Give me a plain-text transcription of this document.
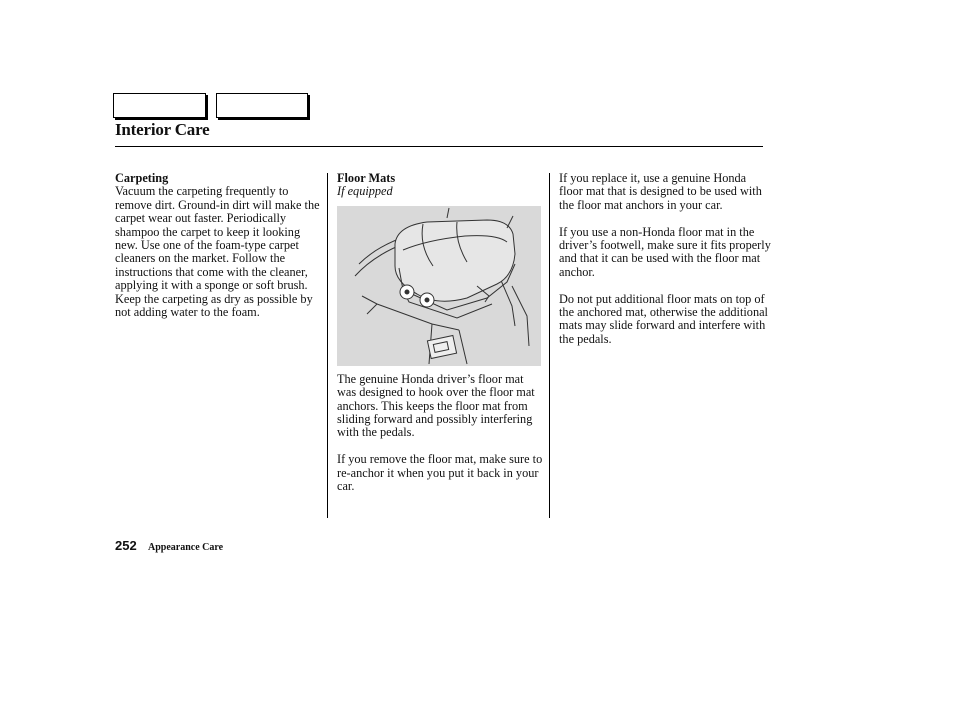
Interior Care
Carpeting

Vacuum the carpeting frequently to remove dirt. Ground-in dirt will make the carpet wear out faster. Periodically shampoo the carpet to keep it looking new. Use one of the foam-type carpet cleaners on the market. Follow the instructions that come with the cleaner, applying it with a sponge or soft brush. Keep the carpeting as dry as possible by not adding water to the foam.

Floor Mats
If equipped

The genuine Honda driver’s floor mat was designed to hook over the floor mat anchors. This keeps the floor mat from sliding forward and possibly interfering with the pedals.

If you remove the floor mat, make sure to re-anchor it when you put it back in your car.

If you replace it, use a genuine Honda floor mat that is designed to be used with the floor mat anchors in your car.

If you use a non-Honda floor mat in the driver’s footwell, make sure it fits properly and that it can be used with the floor mat anchor.

Do not put additional floor mats on top of the anchored mat, otherwise the additional mats may slide forward and interfere with the pedals.

252 Appearance Care
